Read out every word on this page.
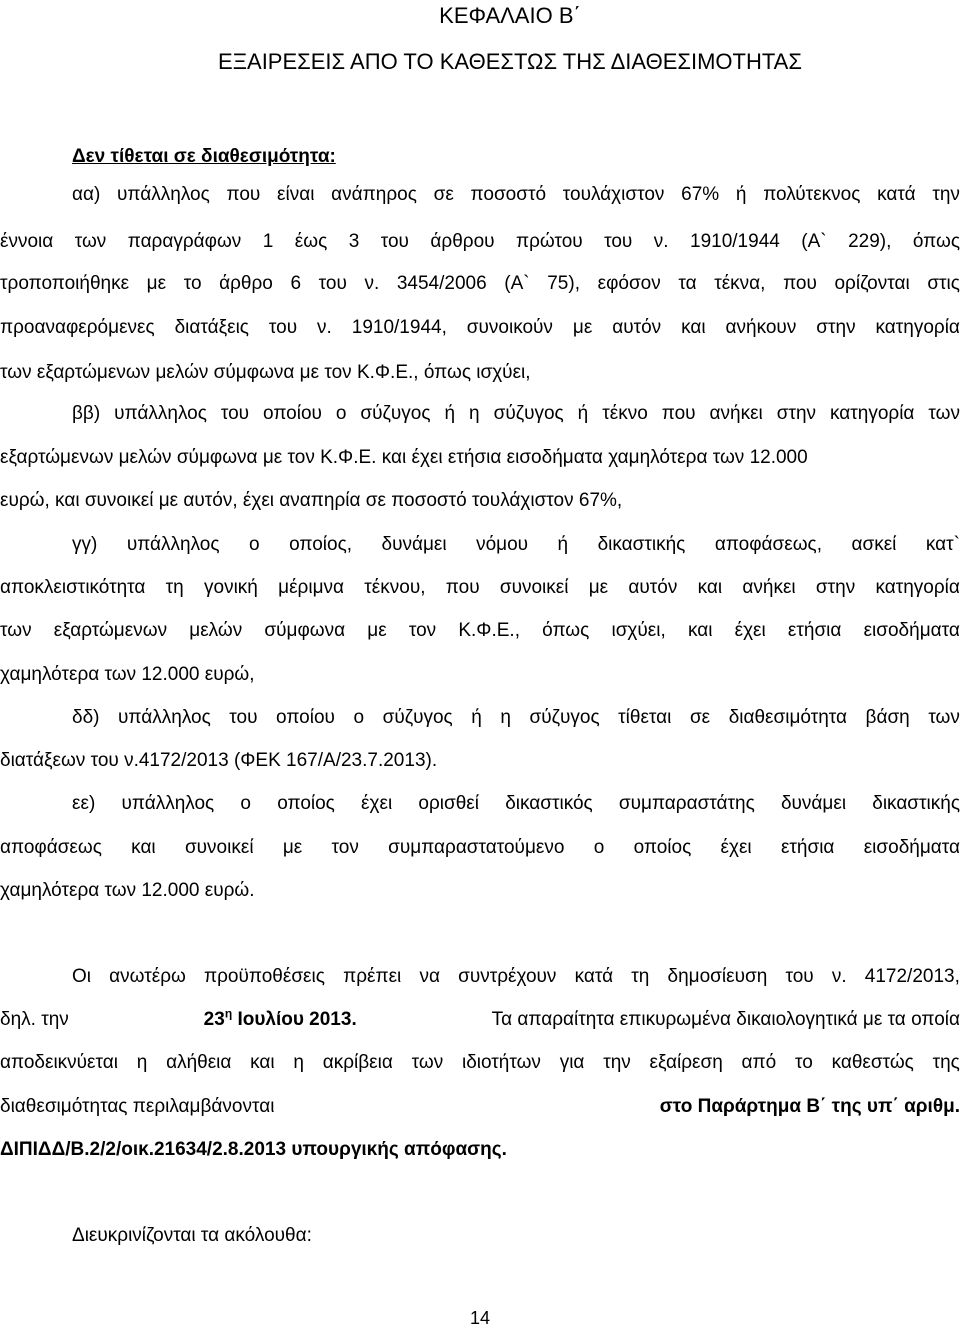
ΚΕΦΑΛΑΙΟ Β΄
ΕΞΑΙΡΕΣΕΙΣ ΑΠΟ ΤΟ ΚΑΘΕΣΤΩΣ ΤΗΣ ΔΙΑΘΕΣΙΜΟΤΗΤΑΣ
Δεν τίθεται σε διαθεσιμότητα:
αα) υπάλληλος που είναι ανάπηρος σε ποσοστό τουλάχιστον 67% ή πολύτεκνος κατά την
έννοια των παραγράφων 1 έως 3 του άρθρου πρώτου του ν. 1910/1944 (Α` 229), όπως
τροποποιήθηκε με το άρθρο 6 του ν. 3454/2006 (Α` 75), εφόσον τα τέκνα, που ορίζονται στις
προαναφερόμενες διατάξεις του ν. 1910/1944, συνοικούν με αυτόν και ανήκουν στην κατηγορία
των εξαρτώμενων μελών σύμφωνα με τον Κ.Φ.Ε., όπως ισχύει,
ββ) υπάλληλος του οποίου ο σύζυγος ή η σύζυγος ή τέκνο που ανήκει στην κατηγορία των
εξαρτώμενων μελών σύμφωνα με τον Κ.Φ.Ε. και έχει ετήσια εισοδήματα χαμηλότερα των 12.000
ευρώ, και συνοικεί με αυτόν, έχει αναπηρία σε ποσοστό τουλάχιστον 67%,
γγ) υπάλληλος ο οποίος, δυνάμει νόμου ή δικαστικής αποφάσεως, ασκεί κατ`
αποκλειστικότητα τη γονική μέριμνα τέκνου, που συνοικεί με αυτόν και ανήκει στην κατηγορία
των εξαρτώμενων μελών σύμφωνα με τον Κ.Φ.Ε., όπως ισχύει, και έχει ετήσια εισοδήματα
χαμηλότερα των 12.000 ευρώ,
δδ) υπάλληλος του οποίου ο σύζυγος ή η σύζυγος τίθεται σε διαθεσιμότητα βάση των
διατάξεων του ν.4172/2013 (ΦΕΚ 167/Α/23.7.2013).
εε) υπάλληλος ο οποίος έχει ορισθεί δικαστικός συμπαραστάτης δυνάμει δικαστικής
αποφάσεως και συνοικεί με τον συμπαραστατούμενο ο οποίος έχει ετήσια εισοδήματα
χαμηλότερα των 12.000 ευρώ.
Οι ανωτέρω προϋποθέσεις πρέπει να συντρέχουν κατά τη δημοσίευση του ν. 4172/2013,
δηλ. την	$23^\eta$ Ιουλίου 2013.	Τα απαραίτητα επικυρωμένα δικαιολογητικά με τα οποία
αποδεικνύεται η αλήθεια και η ακρίβεια των ιδιοτήτων για την εξαίρεση από το καθεστώς της
διαθεσιμότητας περιλαμβάνονται	στο Παράρτημα Β΄ της υπ΄ αριθμ.
ΔΙΠΙΔΔ/Β.2/2/οικ.21634/2.8.2013 υπουργικής απόφασης.
Διευκρινίζονται τα ακόλουθα:
14
